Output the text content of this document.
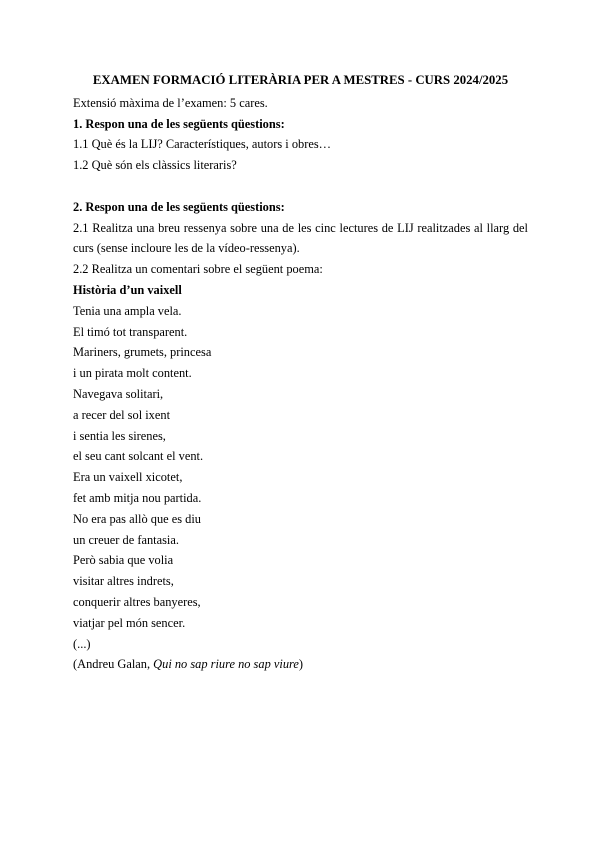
EXAMEN FORMACIÓ LITERÀRIA PER A MESTRES - CURS 2024/2025

Extensió màxima de l’examen: 5 cares.

1. Respon una de les següents qüestions:

1.1 Què és la LIJ? Característiques, autors i obres…

1.2 Què són els clàssics literaris?

2. Respon una de les següents qüestions:

2.1 Realitza una breu ressenya sobre una de les cinc lectures de LIJ realitzades al llarg del curs (sense incloure les de la vídeo-ressenya).

2.2 Realitza un comentari sobre el següent poema:

Història d’un vaixell

Tenia una ampla vela.

El timó tot transparent.

Mariners, grumets, princesa

i un pirata molt content.

Navegava solitari,

a recer del sol ixent

i sentia les sirenes,

el seu cant solcant el vent.

Era un vaixell xicotet,

fet amb mitja nou partida.

No era pas allò que es diu

un creuer de fantasia.

Però sabia que volia

visitar altres indrets,

conquerir altres banyeres,

viatjar pel món sencer.

(...)

(Andreu Galan, Qui no sap riure no sap viure)
